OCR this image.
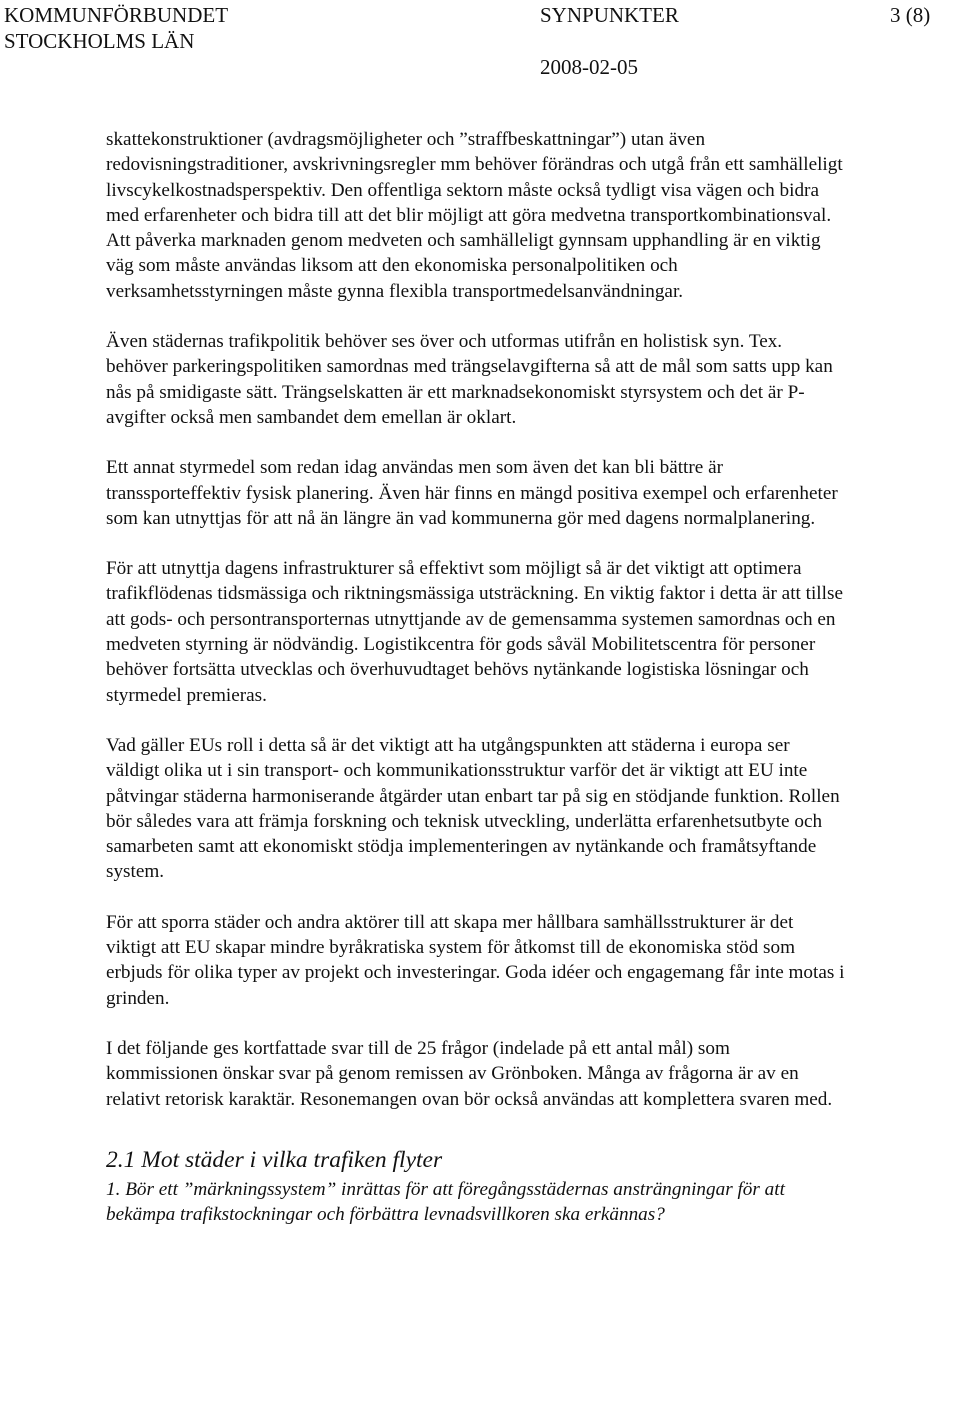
KOMMUNFÖRBUNDET
STOCKHOLMS LÄN
SYNPUNKTER
2008-02-05
3 (8)

skattekonstruktioner (avdragsmöjligheter och ”straffbeskattningar”) utan även redovisningstraditioner, avskrivningsregler mm behöver förändras och utgå från ett samhälleligt livscykelkostnadsperspektiv. Den offentliga sektorn måste också tydligt visa vägen och bidra med erfarenheter och bidra till att det blir möjligt att göra medvetna transportkombinationsval. Att påverka marknaden genom medveten och samhälleligt gynnsam upphandling är en viktig väg som måste användas liksom att den ekonomiska personalpolitiken och verksamhetsstyrningen måste gynna flexibla transportmedelsanvändningar.

Även städernas trafikpolitik behöver ses över och utformas utifrån en holistisk syn. Tex. behöver parkeringspolitiken samordnas med trängselavgifterna så att de mål som satts upp kan nås på smidigaste sätt. Trängselskatten är ett marknadsekonomiskt styrsystem och det är P-avgifter också men sambandet dem emellan är oklart.

Ett annat styrmedel som redan idag användas men som även det kan bli bättre är transsporteffektiv fysisk planering. Även här finns en mängd positiva exempel och erfarenheter som kan utnyttjas för att nå än längre än vad kommunerna gör med dagens normalplanering.

För att utnyttja dagens infrastrukturer så effektivt som möjligt så är det viktigt att optimera trafikflödenas tidsmässiga och riktningsmässiga utsträckning. En viktig faktor i detta är att tillse att gods- och persontransporternas utnyttjande av de gemensamma systemen samordnas och en medveten styrning är nödvändig. Logistikcentra för gods såväl Mobilitetscentra för personer behöver fortsätta utvecklas och överhuvudtaget behövs nytänkande logistiska lösningar och styrmedel premieras.

Vad gäller EUs roll i detta så är det viktigt att ha utgångspunkten att städerna i europa ser väldigt olika ut i sin transport- och kommunikationsstruktur varför det är viktigt att EU inte påtvingar städerna harmoniserande åtgärder utan enbart tar på sig en stödjande funktion. Rollen bör således vara att främja forskning och teknisk utveckling, underlätta erfarenhetsutbyte och samarbeten samt att ekonomiskt stödja implementeringen av nytänkande och framåtsyftande system.

För att sporra städer och andra aktörer till att skapa mer hållbara samhällsstrukturer är det viktigt att EU skapar mindre byråkratiska system för åtkomst till de ekonomiska stöd som erbjuds för olika typer av projekt och investeringar. Goda idéer och engagemang får inte motas i grinden.

I det följande ges kortfattade svar till de 25 frågor (indelade på ett antal mål) som kommissionen önskar svar på genom remissen av Grönboken. Många av frågorna är av en relativt retorisk karaktär. Resonemangen ovan bör också användas att komplettera svaren med.

2.1 Mot städer i vilka trafiken flyter

1. Bör ett ”märkningssystem” inrättas för att föregångsstädernas ansträngningar för att bekämpa trafikstockningar och förbättra levnadsvillkoren ska erkännas?
